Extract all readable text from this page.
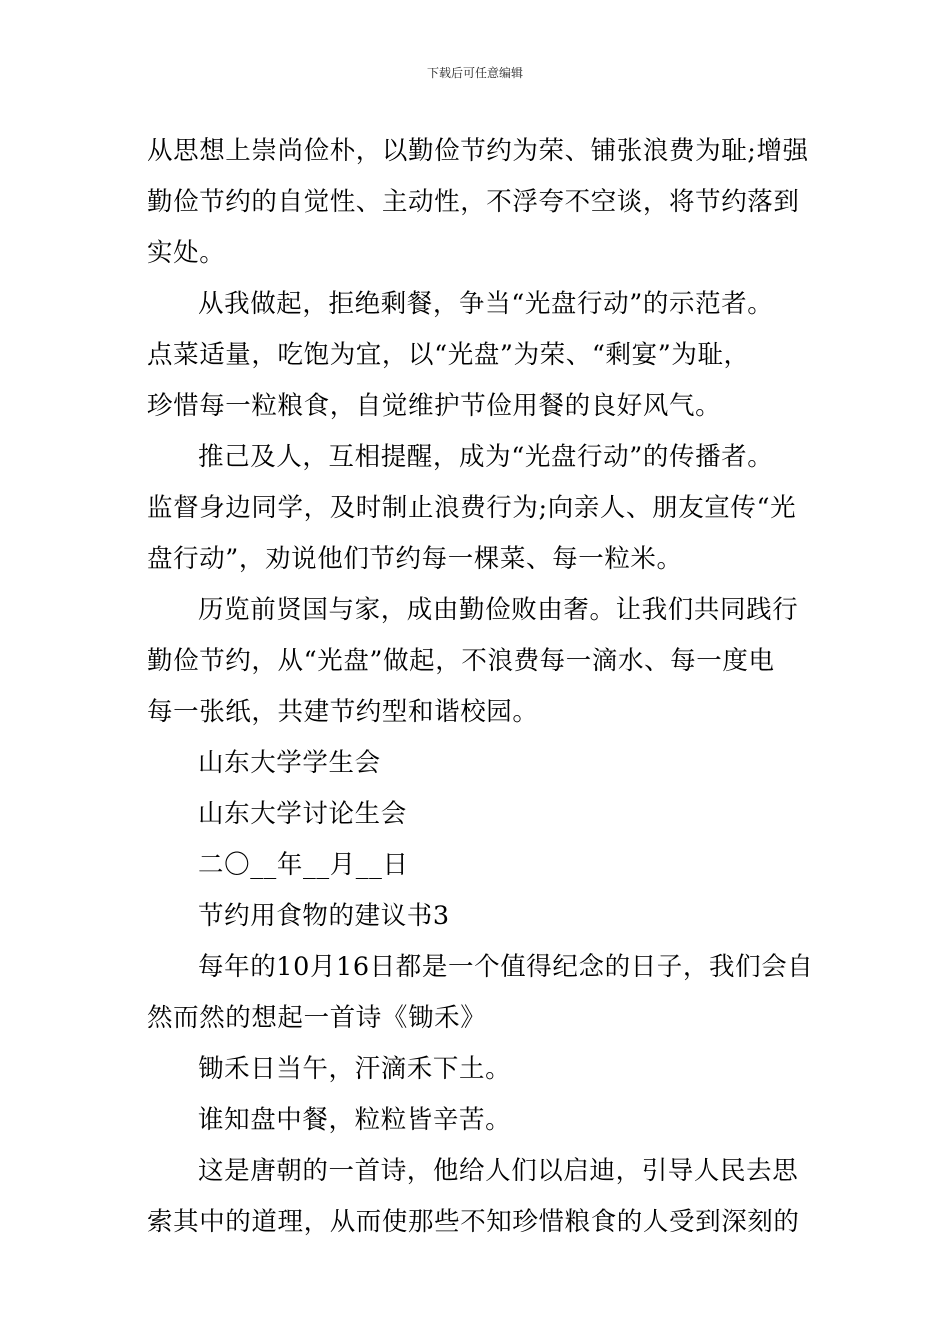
下载后可任意编辑
从思想上崇尚俭朴，以勤俭节约为荣、铺张浪费为耻;增强
勤俭节约的自觉性、主动性，不浮夸不空谈，将节约落到
实处。
从我做起，拒绝剩餐，争当“光盘行动”的示范者。
点菜适量，吃饱为宜，以“光盘”为荣、“剩宴”为耻，
珍惜每一粒粮食，自觉维护节俭用餐的良好风气。
推己及人，互相提醒，成为“光盘行动”的传播者。
监督身边同学，及时制止浪费行为;向亲人、朋友宣传“光
盘行动”，劝说他们节约每一棵菜、每一粒米。
历览前贤国与家，成由勤俭败由奢。让我们共同践行
勤俭节约，从“光盘”做起，不浪费每一滴水、每一度电
每一张纸，共建节约型和谐校园。
山东大学学生会
山东大学讨论生会
二〇__年__月__日
节约用食物的建议书3
每年的10月16日都是一个值得纪念的日子，我们会自
然而然的想起一首诗《锄禾》
锄禾日当午，汗滴禾下土。
谁知盘中餐，粒粒皆辛苦。
这是唐朝的一首诗，他给人们以启迪，引导人民去思
索其中的道理，从而使那些不知珍惜粮食的人受到深刻的
